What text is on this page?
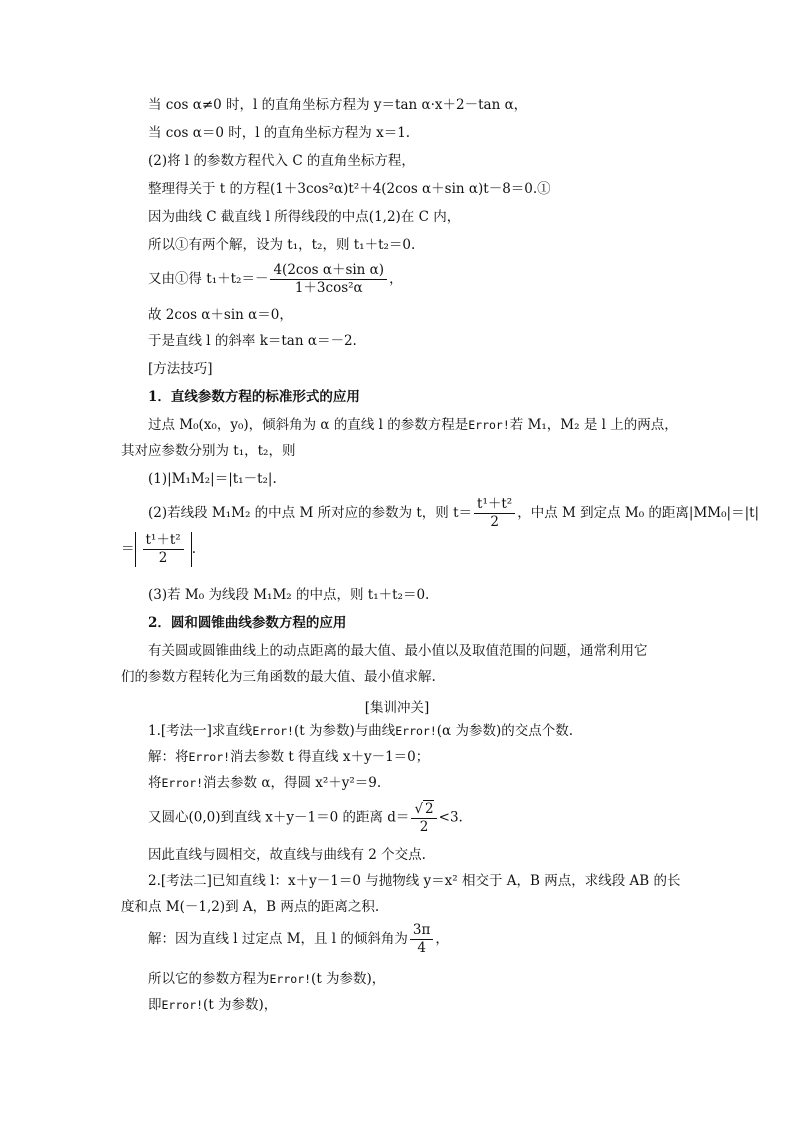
当 cos α≠0 时，l 的直角坐标方程为 y＝tan α·x＋2－tan α，
当 cos α＝0 时，l 的直角坐标方程为 x＝1.
(2)将 l 的参数方程代入 C 的直角坐标方程，
整理得关于 t 的方程(1＋3cos²α)t²＋4(2cos α＋sin α)t－8＝0.①
因为曲线 C 截直线 l 所得线段的中点(1,2)在 C 内，
所以①有两个解，设为 t₁，t₂，则 t₁＋t₂＝0.
又由①得 $t_1+t_2=- \frac{\text{4(2cos α＋sin α)}}{\text{1＋3cos²α}}$ ，
故 2cos α＋sin α＝0，
于是直线 l 的斜率 k＝tan α＝－2.
[方法技巧]
1．直线参数方程的标准形式的应用
过点 M₀(x₀，y₀)，倾斜角为 α 的直线 l 的参数方程是Error!若 M₁，M₂ 是 l 上的两点，
其对应参数分别为 t₁，t₂，则
(1)|M₁M₂|＝|t₁－t₂|.
(2)若线段 M₁M₂ 的中点 M 所对应的参数为 t，则 $t= \frac{\text{t¹＋t²}}{2}$ ，中点 M 到定点 M₀ 的距离|MM₀|＝|t|
＝ $\frac{\text{t¹＋t²}}{2}$ .
(3)若 M₀ 为线段 M₁M₂ 的中点，则 t₁＋t₂＝0.
2．圆和圆锥曲线参数方程的应用
有关圆或圆锥曲线上的动点距离的最大值、最小值以及取值范围的问题，通常利用它
们的参数方程转化为三角函数的最大值、最小值求解.
[集训冲关]
1.[考法一]求直线Error!(t 为参数)与曲线Error!(α 为参数)的交点个数.
解：将Error!消去参数 t 得直线 x＋y－1＝0；
将Error!消去参数 α，得圆 x²＋y²＝9.
又圆心(0,0)到直线 x＋y－1＝0 的距离 $d= \frac{√ 2}{2} <3$.
因此直线与圆相交，故直线与曲线有 2 个交点.
2.[考法二]已知直线 l：x＋y－1＝0 与抛物线 y＝x² 相交于 A，B 两点，求线段 AB 的长
度和点 M(－1,2)到 A，B 两点的距离之积.
解：因为直线 l 过定点 M，且 l 的倾斜角为 $\frac{3\pi}{4}$ ，
所以它的参数方程为Error!(t 为参数)，
即Error!(t 为参数)，
